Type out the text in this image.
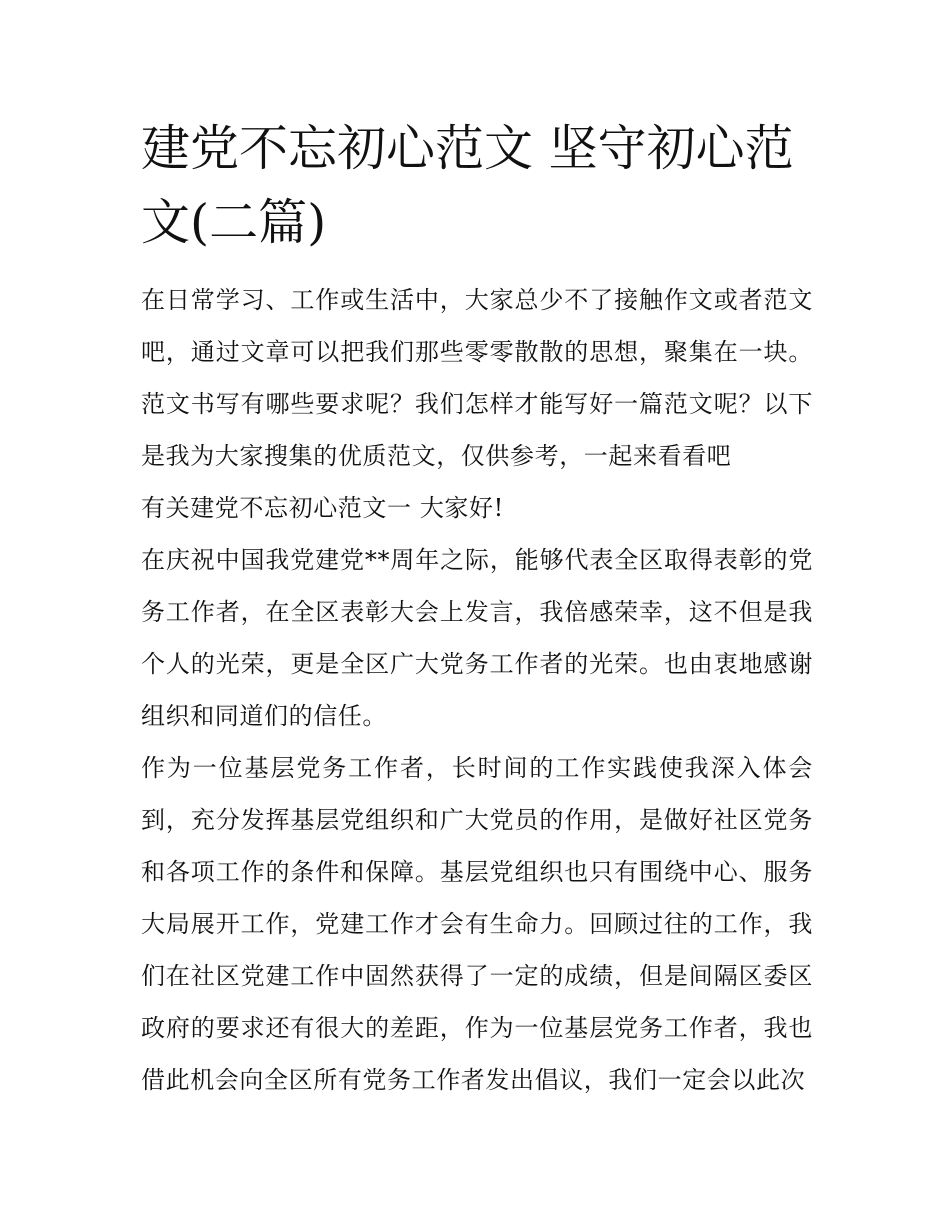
建党不忘初心范文 坚守初心范文(二篇)

在日常学习、工作或生活中，大家总少不了接触作文或者范文吧，通过文章可以把我们那些零零散散的思想，聚集在一块。范文书写有哪些要求呢？我们怎样才能写好一篇范文呢？以下是我为大家搜集的优质范文，仅供参考，一起来看看吧

有关建党不忘初心范文一 大家好!

在庆祝中国我党建党**周年之际，能够代表全区取得表彰的党务工作者，在全区表彰大会上发言，我倍感荣幸，这不但是我个人的光荣，更是全区广大党务工作者的光荣。也由衷地感谢组织和同道们的信任。

作为一位基层党务工作者，长时间的工作实践使我深入体会到，充分发挥基层党组织和广大党员的作用，是做好社区党务和各项工作的条件和保障。基层党组织也只有围绕中心、服务大局展开工作，党建工作才会有生命力。回顾过往的工作，我们在社区党建工作中固然获得了一定的成绩，但是间隔区委区政府的要求还有很大的差距，作为一位基层党务工作者，我也借此机会向全区所有党务工作者发出倡议，我们一定会以此次
